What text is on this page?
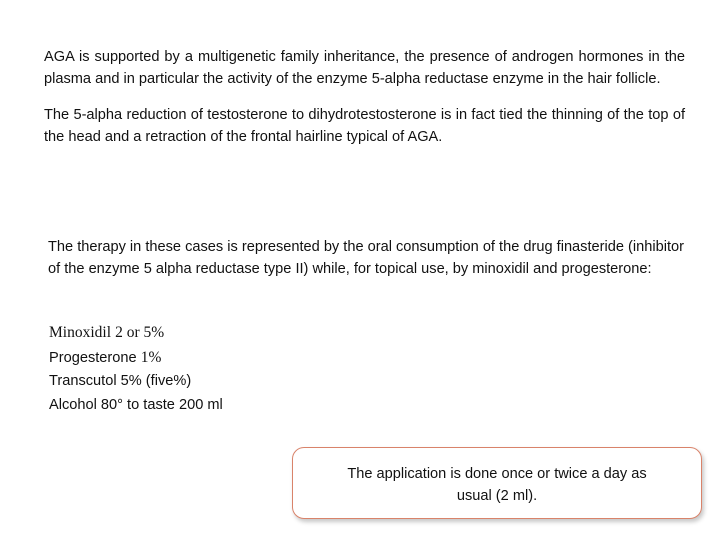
AGA is supported by a multigenetic family inheritance, the presence of androgen hormones in the plasma and in particular the activity of the enzyme 5-alpha reductase enzyme in the hair follicle.

The 5-alpha reduction of testosterone to dihydrotestosterone is in fact tied the thinning of the top of the head and a retraction of the frontal hairline typical of AGA.

The therapy in these cases is represented by the oral consumption of the drug finasteride (inhibitor of the enzyme 5 alpha reductase type II) while, for topical use, by minoxidil and progesterone:

Minoxidil 2 or 5%
Progesterone 1%
Transcutol 5% (five%)
Alcohol 80° to taste 200 ml
The application is done once or twice a day as
usual (2 ml).
